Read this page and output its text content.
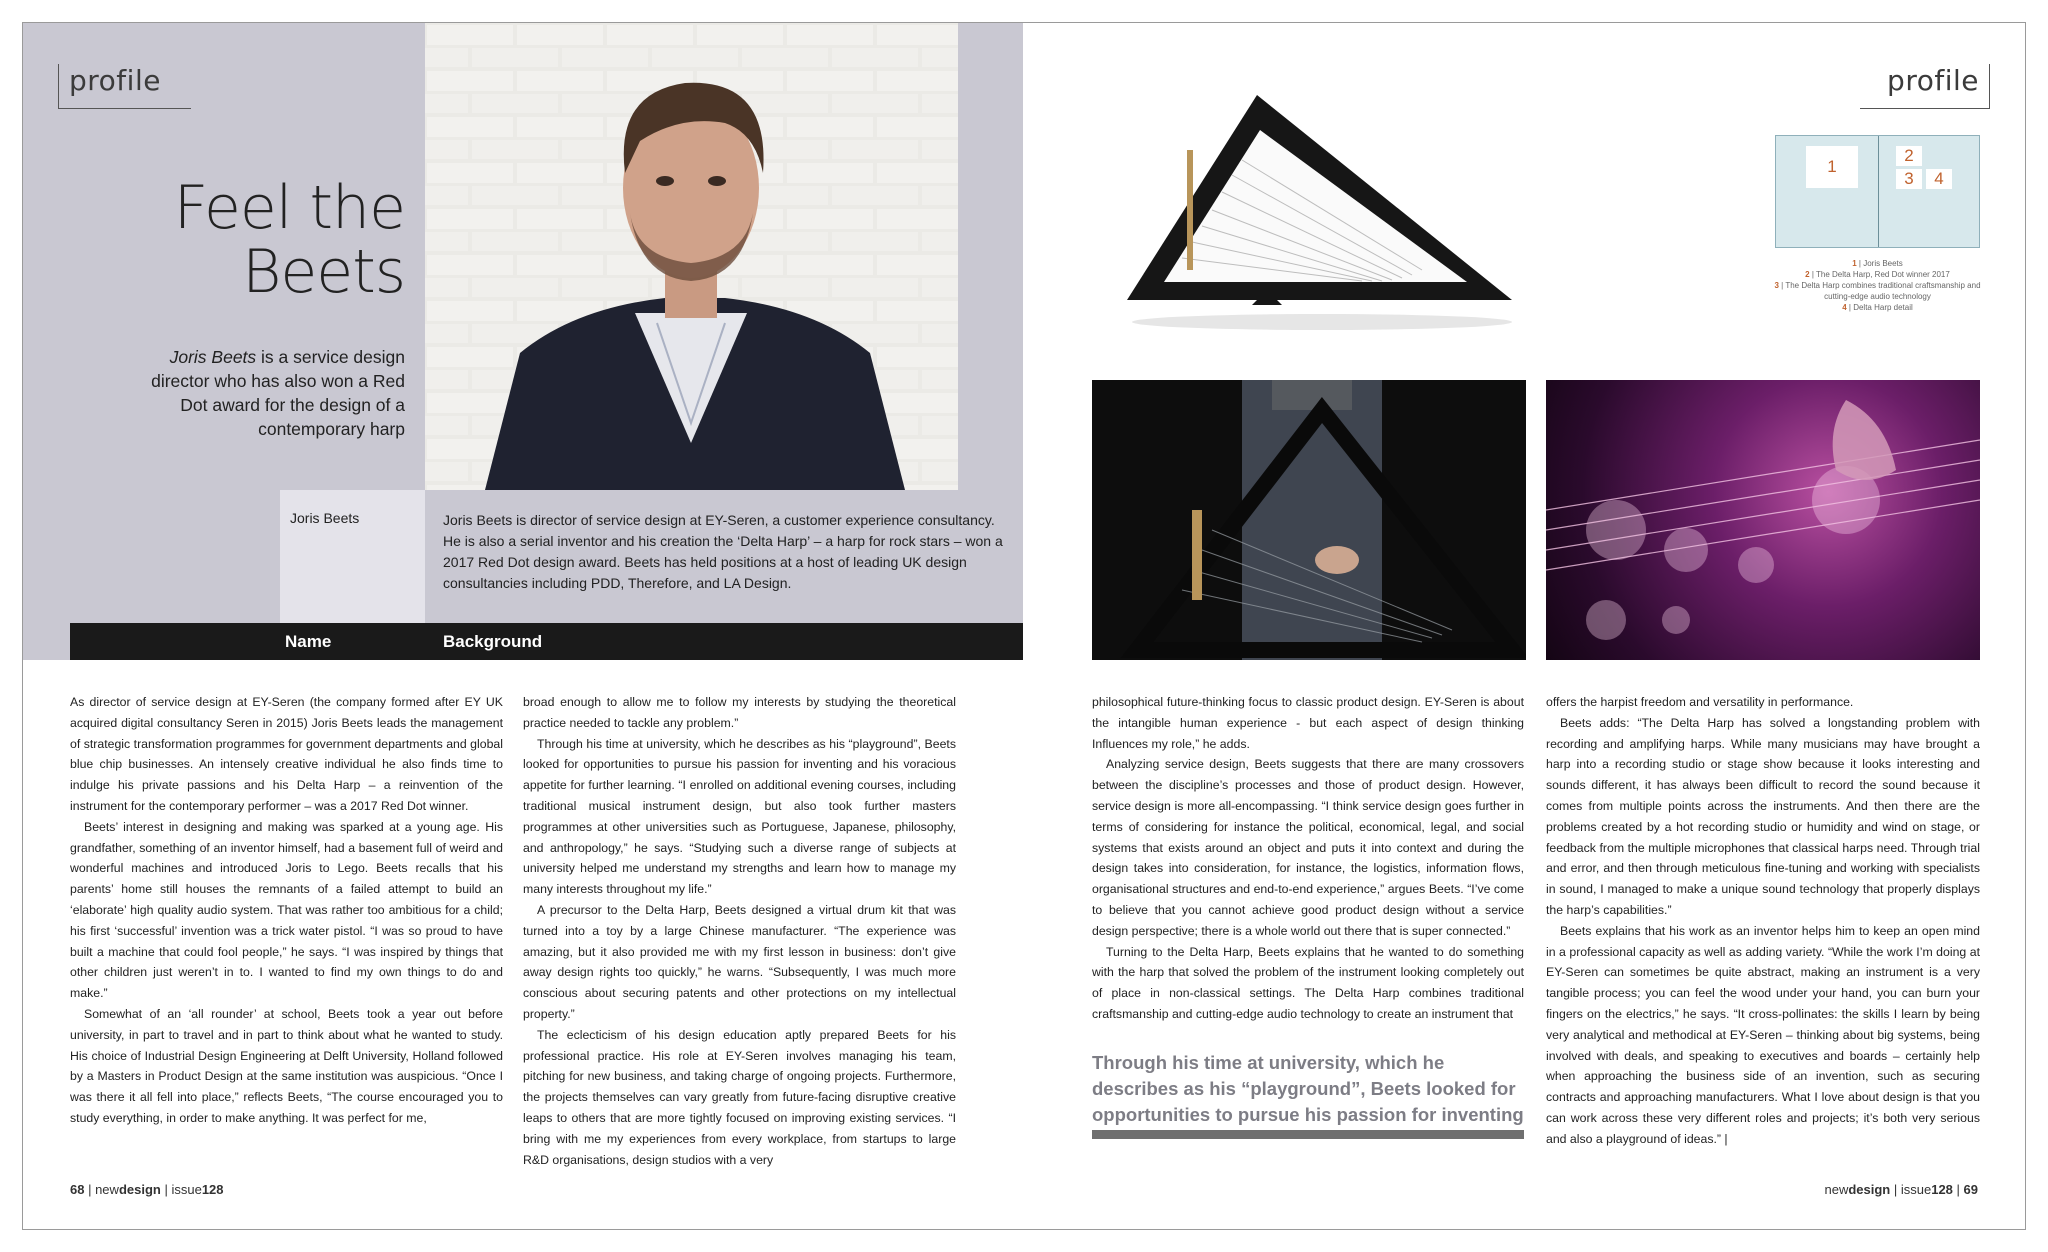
profile
Feel the
Beets
Joris Beets is a service design director who has also won a Red Dot award for the design of a contemporary harp
Joris Beets	Joris Beets is director of service design at EY-Seren, a customer experience consultancy. He is also a serial inventor and his creation the ‘Delta Harp’ – a harp for rock stars – won a 2017 Red Dot design award. Beets has held positions at a host of leading UK design consultancies including PDD, Therefore, and LA Design.
Name	Background

As director of service design at EY-Seren (the company formed after EY UK acquired digital consultancy Seren in 2015) Joris Beets leads the management of strategic transformation programmes for government departments and global blue chip businesses. An intensely creative individual he also finds time to indulge his private passions and his Delta Harp – a reinvention of the instrument for the contemporary performer – was a 2017 Red Dot winner.

Beets’ interest in designing and making was sparked at a young age. His grandfather, something of an inventor himself, had a basement full of weird and wonderful machines and introduced Joris to Lego. Beets recalls that his parents’ home still houses the remnants of a failed attempt to build an ‘elaborate’ high quality audio system. That was rather too ambitious for a child; his first ‘successful’ invention was a trick water pistol. “I was so proud to have built a machine that could fool people,” he says. “I was inspired by things that other children just weren’t in to. I wanted to find my own things to do and make.”

Somewhat of an ‘all rounder’ at school, Beets took a year out before university, in part to travel and in part to think about what he wanted to study. His choice of Industrial Design Engineering at Delft University, Holland followed by a Masters in Product Design at the same institution was auspicious. “Once I was there it all fell into place,” reflects Beets, “The course encouraged you to study everything, in order to make anything. It was perfect for me,

broad enough to allow me to follow my interests by studying the theoretical practice needed to tackle any problem.”

Through his time at university, which he describes as his “playground”, Beets looked for opportunities to pursue his passion for inventing and his voracious appetite for further learning. “I enrolled on additional evening courses, including traditional musical instrument design, but also took further masters programmes at other universities such as Portuguese, Japanese, philosophy, and anthropology,” he says. “Studying such a diverse range of subjects at university helped me understand my strengths and learn how to manage my many interests throughout my life.”

A precursor to the Delta Harp, Beets designed a virtual drum kit that was turned into a toy by a large Chinese manufacturer. “The experience was amazing, but it also provided me with my first lesson in business: don’t give away design rights too quickly,” he warns. “Subsequently, I was much more conscious about securing patents and other protections on my intellectual property.”

The eclecticism of his design education aptly prepared Beets for his professional practice. His role at EY-Seren involves managing his team, pitching for new business, and taking charge of ongoing projects. Furthermore, the projects themselves can vary greatly from future-facing disruptive creative leaps to others that are more tightly focused on improving existing services. “I bring with me my experiences from every workplace, from startups to large R&D organisations, design studios with a very

68 | newdesign | issue128
profile
1
2
3	4
1 | Joris Beets
2 | The Delta Harp, Red Dot winner 2017
3 | The Delta Harp combines traditional craftsmanship and cutting-edge audio technology
4 | Delta Harp detail

philosophical future-thinking focus to classic product design. EY-Seren is about the intangible human experience - but each aspect of design thinking Influences my role,” he adds.

Analyzing service design, Beets suggests that there are many crossovers between the discipline’s processes and those of product design. However, service design is more all-encompassing. “I think service design goes further in terms of considering for instance the political, economical, legal, and social systems that exists around an object and puts it into context and during the design takes into consideration, for instance, the logistics, information flows, organisational structures and end-to-end experience,” argues Beets. “I’ve come to believe that you cannot achieve good product design without a service design perspective; there is a whole world out there that is super connected.”

Turning to the Delta Harp, Beets explains that he wanted to do something with the harp that solved the problem of the instrument looking completely out of place in non-classical settings. The Delta Harp combines traditional craftsmanship and cutting-edge audio technology to create an instrument that

Through his time at university, which he describes as his “playground”, Beets looked for opportunities to pursue his passion for inventing

offers the harpist freedom and versatility in performance.

Beets adds: “The Delta Harp has solved a longstanding problem with recording and amplifying harps. While many musicians may have brought a harp into a recording studio or stage show because it looks interesting and sounds different, it has always been difficult to record the sound because it comes from multiple points across the instruments. And then there are the problems created by a hot recording studio or humidity and wind on stage, or feedback from the multiple microphones that classical harps need. Through trial and error, and then through meticulous fine-tuning and working with specialists in sound, I managed to make a unique sound technology that properly displays the harp’s capabilities.”

Beets explains that his work as an inventor helps him to keep an open mind in a professional capacity as well as adding variety. “While the work I’m doing at EY-Seren can sometimes be quite abstract, making an instrument is a very tangible process; you can feel the wood under your hand, you can burn your fingers on the electrics,” he says. “It cross-pollinates: the skills I learn by being very analytical and methodical at EY-Seren – thinking about big systems, being involved with deals, and speaking to executives and boards – certainly help when approaching the business side of an invention, such as securing contracts and approaching manufacturers. What I love about design is that you can work across these very different roles and projects; it’s both very serious and also a playground of ideas.” |

newdesign | issue128 | 69
